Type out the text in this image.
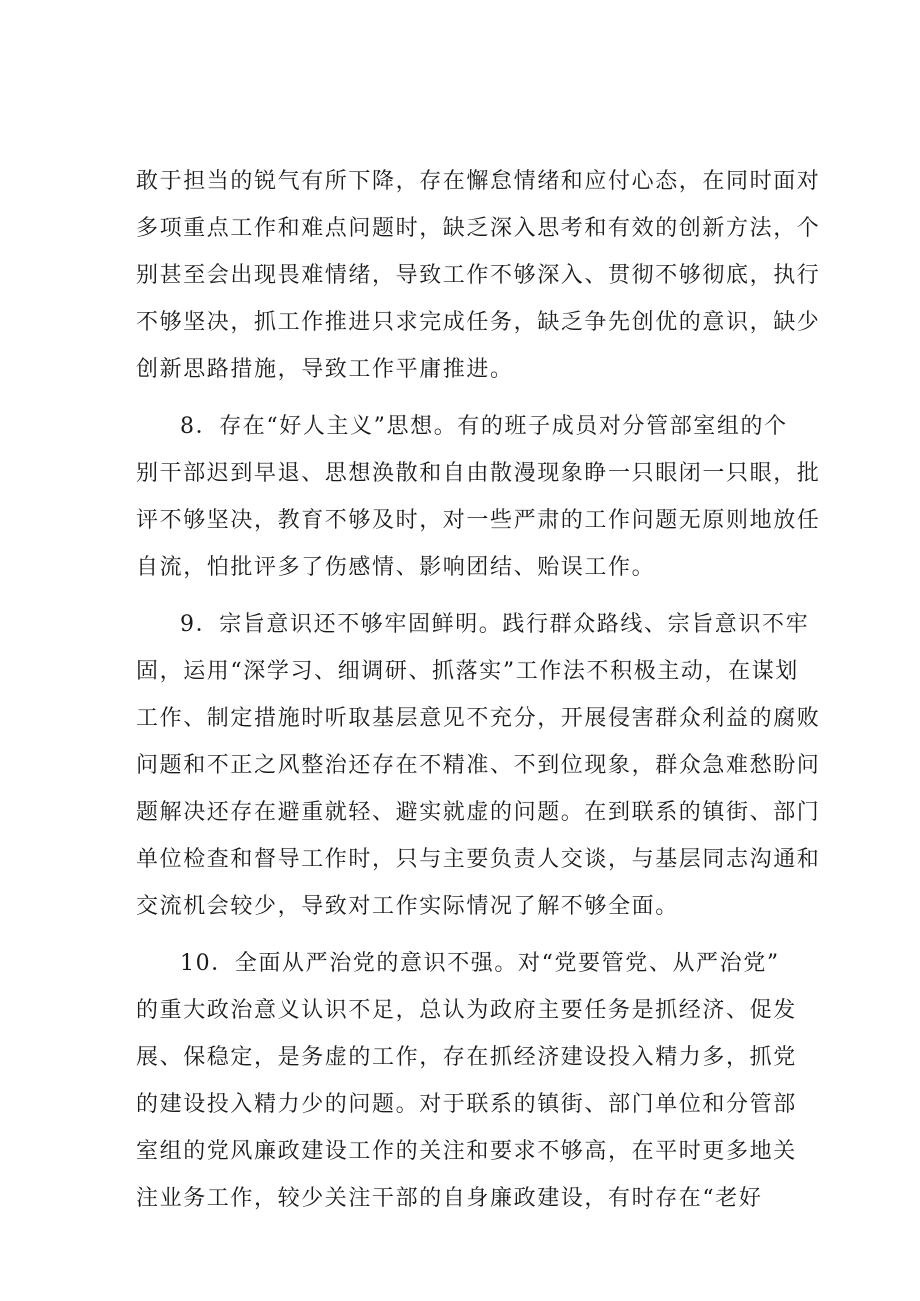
敢于担当的锐气有所下降，存在懈怠情绪和应付心态，在同时面对
多项重点工作和难点问题时，缺乏深入思考和有效的创新方法，个
别甚至会出现畏难情绪，导致工作不够深入、贯彻不够彻底，执行
不够坚决，抓工作推进只求完成任务，缺乏争先创优的意识，缺少
创新思路措施，导致工作平庸推进。

8．存在“好人主义”思想。有的班子成员对分管部室组的个
别干部迟到早退、思想涣散和自由散漫现象睁一只眼闭一只眼，批
评不够坚决，教育不够及时，对一些严肃的工作问题无原则地放任
自流，怕批评多了伤感情、影响团结、贻误工作。

9．宗旨意识还不够牢固鲜明。践行群众路线、宗旨意识不牢
固，运用“深学习、细调研、抓落实”工作法不积极主动，在谋划
工作、制定措施时听取基层意见不充分，开展侵害群众利益的腐败
问题和不正之风整治还存在不精准、不到位现象，群众急难愁盼问
题解决还存在避重就轻、避实就虚的问题。在到联系的镇街、部门
单位检查和督导工作时，只与主要负责人交谈，与基层同志沟通和
交流机会较少，导致对工作实际情况了解不够全面。

10．全面从严治党的意识不强。对“党要管党、从严治党”
的重大政治意义认识不足，总认为政府主要任务是抓经济、促发
展、保稳定，是务虚的工作，存在抓经济建设投入精力多，抓党
的建设投入精力少的问题。对于联系的镇街、部门单位和分管部
室组的党风廉政建设工作的关注和要求不够高，在平时更多地关
注业务工作，较少关注干部的自身廉政建设，有时存在“老好
